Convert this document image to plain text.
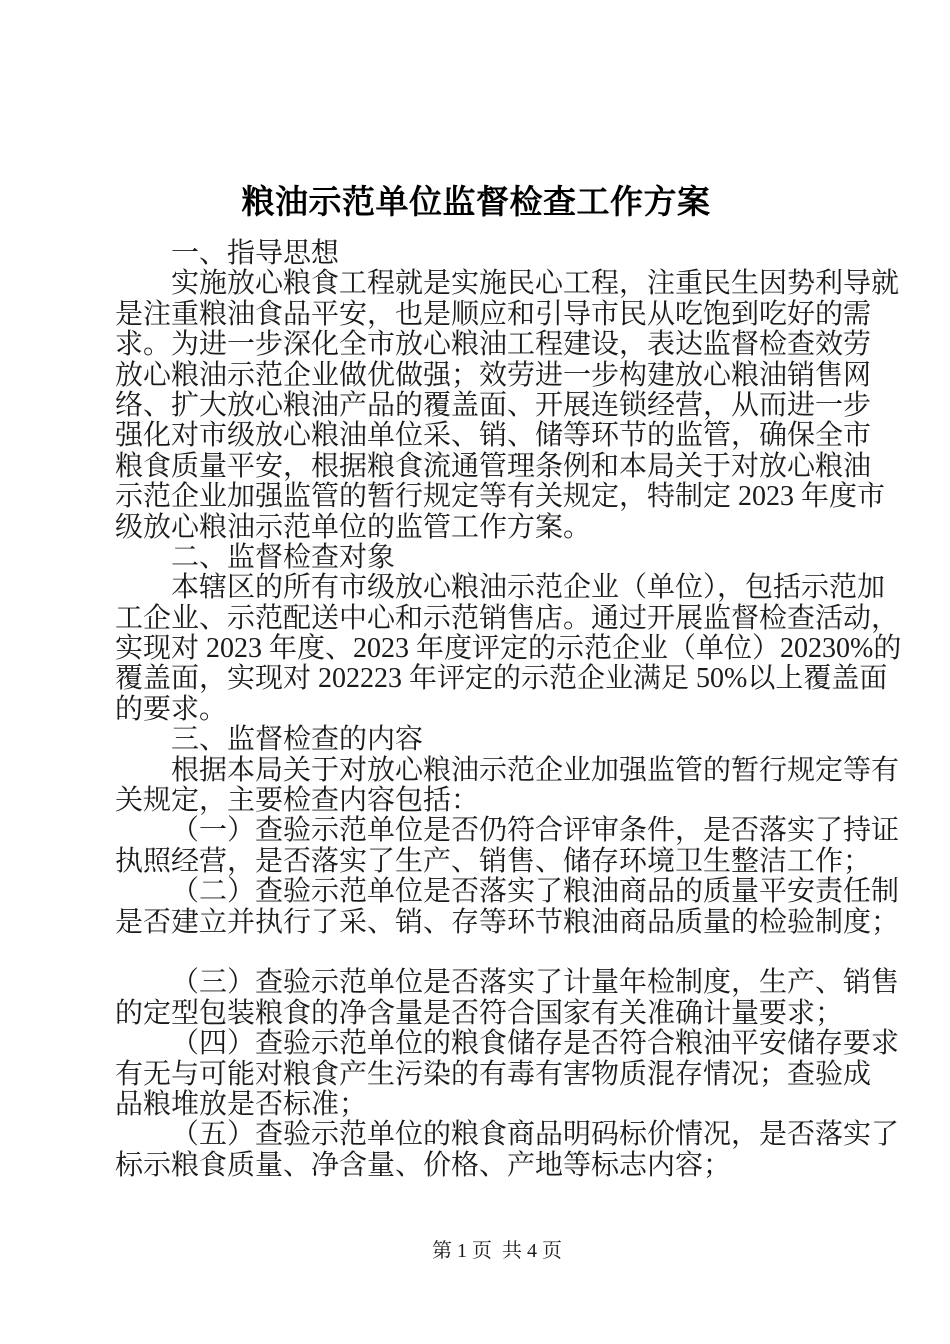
粮油示范单位监督检查工作方案
一、指导思想
实施放心粮食工程就是实施民心工程，注重民生因势利导就
是注重粮油食品平安，也是顺应和引导市民从吃饱到吃好的需
求。为进一步深化全市放心粮油工程建设，表达监督检查效劳
放心粮油示范企业做优做强；效劳进一步构建放心粮油销售网
络、扩大放心粮油产品的覆盖面、开展连锁经营，从而进一步
强化对市级放心粮油单位采、销、储等环节的监管，确保全市
粮食质量平安，根据粮食流通管理条例和本局关于对放心粮油
示范企业加强监管的暂行规定等有关规定，特制定 2023 年度市
级放心粮油示范单位的监管工作方案。
二、监督检查对象
本辖区的所有市级放心粮油示范企业（单位），包括示范加
工企业、示范配送中心和示范销售店。通过开展监督检查活动，
实现对 2023 年度、2023 年度评定的示范企业（单位）20230%的
覆盖面，实现对 202223 年评定的示范企业满足 50%以上覆盖面
的要求。
三、监督检查的内容
根据本局关于对放心粮油示范企业加强监管的暂行规定等有
关规定，主要检查内容包括：
（一）查验示范单位是否仍符合评审条件，是否落实了持证
执照经营，是否落实了生产、销售、储存环境卫生整洁工作；
（二）查验示范单位是否落实了粮油商品的质量平安责任制
是否建立并执行了采、销、存等环节粮油商品质量的检验制度；
（三）查验示范单位是否落实了计量年检制度，生产、销售
的定型包装粮食的净含量是否符合国家有关准确计量要求；
（四）查验示范单位的粮食储存是否符合粮油平安储存要求
有无与可能对粮食产生污染的有毒有害物质混存情况；查验成
品粮堆放是否标准；
（五）查验示范单位的粮食商品明码标价情况，是否落实了
标示粮食质量、净含量、价格、产地等标志内容；
第 1 页  共 4 页
